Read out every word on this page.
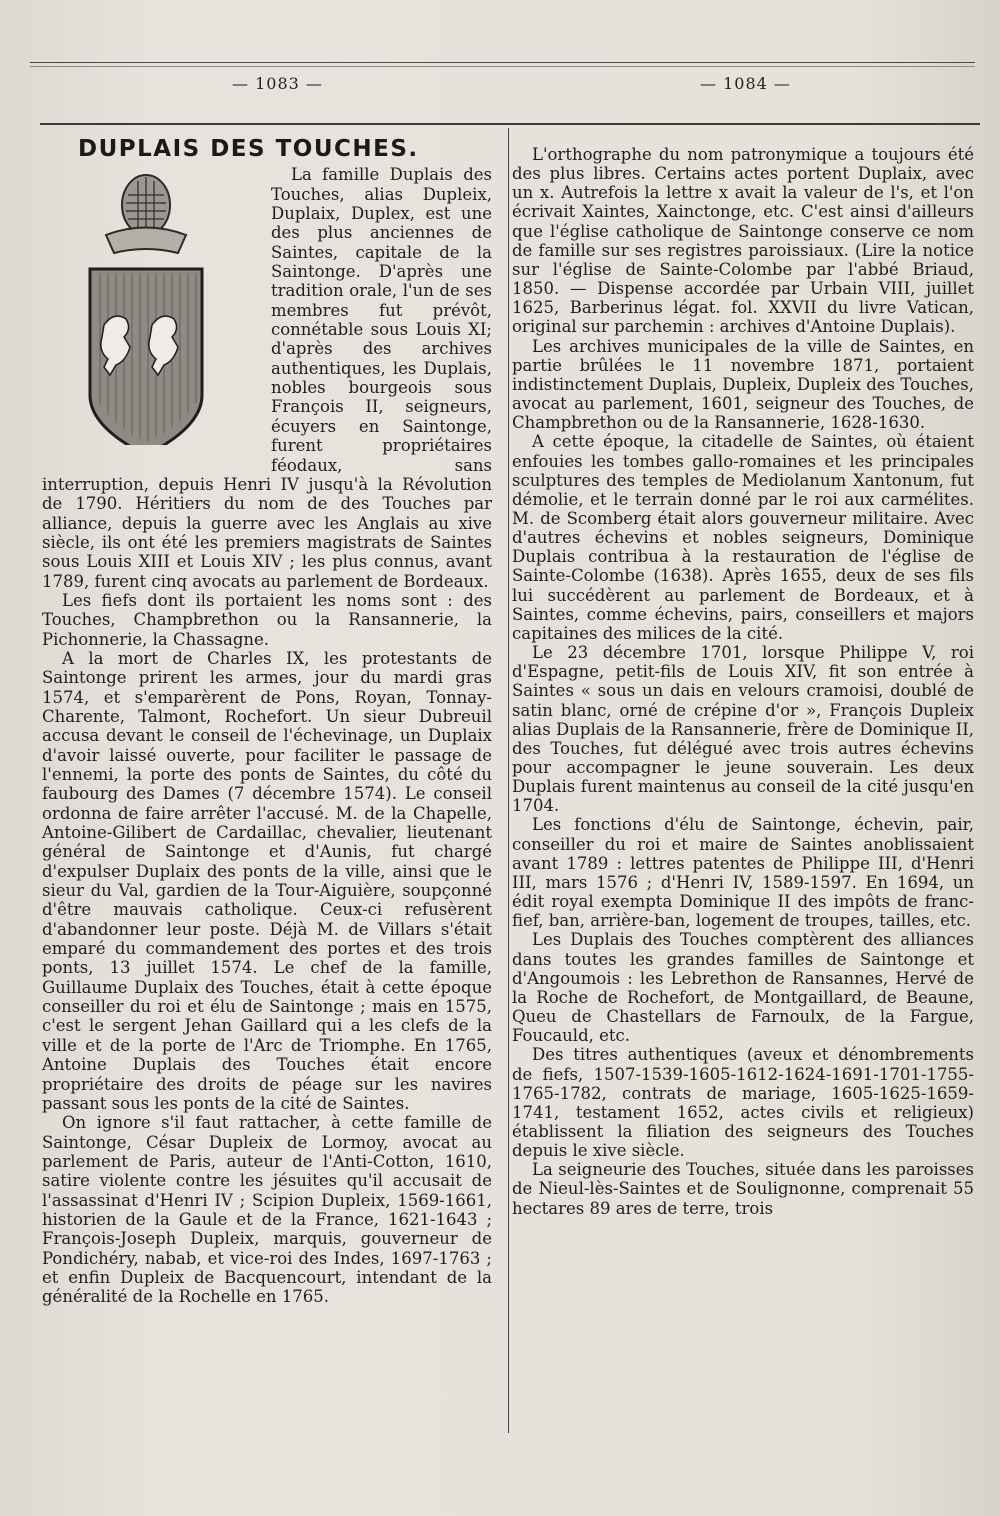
— 1083 —	— 1084 —
DUPLAIS DES TOUCHES.

La famille Duplais des Touches, alias Dupleix, Duplaix, Duplex, est une des plus anciennes de Saintes, capitale de la Saintonge. D'après une tradition orale, l'un de ses membres fut prévôt, connétable sous Louis XI; d'après des archives authentiques, les Duplais, nobles bourgeois sous François II, seigneurs, écuyers en Saintonge, furent propriétaires féodaux, sans interruption, depuis Henri IV jusqu'à la Révolution de 1790. Héritiers du nom de des Touches par alliance, depuis la guerre avec les Anglais au xive siècle, ils ont été les premiers magistrats de Saintes sous Louis XIII et Louis XIV ; les plus connus, avant 1789, furent cinq avocats au parlement de Bordeaux.

Les fiefs dont ils portaient les noms sont : des Touches, Champbrethon ou la Ransannerie, la Pichonnerie, la Chassagne.

A la mort de Charles IX, les protestants de Saintonge prirent les armes, jour du mardi gras 1574, et s'emparèrent de Pons, Royan, Tonnay-Charente, Talmont, Rochefort. Un sieur Dubreuil accusa devant le conseil de l'échevinage, un Duplaix d'avoir laissé ouverte, pour faciliter le passage de l'ennemi, la porte des ponts de Saintes, du côté du faubourg des Dames (7 décembre 1574). Le conseil ordonna de faire arrêter l'accusé. M. de la Chapelle, Antoine-Gilibert de Cardaillac, chevalier, lieutenant général de Saintonge et d'Aunis, fut chargé d'expulser Duplaix des ponts de la ville, ainsi que le sieur du Val, gardien de la Tour-Aiguière, soupçonné d'être mauvais catholique. Ceux-ci refusèrent d'abandonner leur poste. Déjà M. de Villars s'était emparé du commandement des portes et des trois ponts, 13 juillet 1574. Le chef de la famille, Guillaume Duplaix des Touches, était à cette époque conseiller du roi et élu de Saintonge ; mais en 1575, c'est le sergent Jehan Gaillard qui a les clefs de la ville et de la porte de l'Arc de Triomphe. En 1765, Antoine Duplais des Touches était encore propriétaire des droits de péage sur les navires passant sous les ponts de la cité de Saintes.

On ignore s'il faut rattacher, à cette famille de Saintonge, César Dupleix de Lormoy, avocat au parlement de Paris, auteur de l'Anti-Cotton, 1610, satire violente contre les jésuites qu'il accusait de l'assassinat d'Henri IV ; Scipion Dupleix, 1569-1661, historien de la Gaule et de la France, 1621-1643 ; François-Joseph Dupleix, marquis, gouverneur de Pondichéry, nabab, et vice-roi des Indes, 1697-1763 ; et enfin Dupleix de Bacquencourt, intendant de la généralité de la Rochelle en 1765.

L'orthographe du nom patronymique a toujours été des plus libres. Certains actes portent Duplaix, avec un x. Autrefois la lettre x avait la valeur de l's, et l'on écrivait Xaintes, Xainctonge, etc. C'est ainsi d'ailleurs que l'église catholique de Saintonge conserve ce nom de famille sur ses registres paroissiaux. (Lire la notice sur l'église de Sainte-Colombe par l'abbé Briaud, 1850. — Dispense accordée par Urbain VIII, juillet 1625, Barberinus légat. fol. XXVII du livre Vatican, original sur parchemin : archives d'Antoine Duplais).

Les archives municipales de la ville de Saintes, en partie brûlées le 11 novembre 1871, portaient indistinctement Duplais, Dupleix, Dupleix des Touches, avocat au parlement, 1601, seigneur des Touches, de Champbrethon ou de la Ransannerie, 1628-1630.

A cette époque, la citadelle de Saintes, où étaient enfouies les tombes gallo-romaines et les principales sculptures des temples de Mediolanum Xantonum, fut démolie, et le terrain donné par le roi aux carmélites. M. de Scomberg était alors gouverneur militaire. Avec d'autres échevins et nobles seigneurs, Dominique Duplais contribua à la restauration de l'église de Sainte-Colombe (1638). Après 1655, deux de ses fils lui succédèrent au parlement de Bordeaux, et à Saintes, comme échevins, pairs, conseillers et majors capitaines des milices de la cité.

Le 23 décembre 1701, lorsque Philippe V, roi d'Espagne, petit-fils de Louis XIV, fit son entrée à Saintes « sous un dais en velours cramoisi, doublé de satin blanc, orné de crépine d'or », François Dupleix alias Duplais de la Ransannerie, frère de Dominique II, des Touches, fut délégué avec trois autres échevins pour accompagner le jeune souverain. Les deux Duplais furent maintenus au conseil de la cité jusqu'en 1704.

Les fonctions d'élu de Saintonge, échevin, pair, conseiller du roi et maire de Saintes anoblissaient avant 1789 : lettres patentes de Philippe III, d'Henri III, mars 1576 ; d'Henri IV, 1589-1597. En 1694, un édit royal exempta Dominique II des impôts de franc-fief, ban, arrière-ban, logement de troupes, tailles, etc.

Les Duplais des Touches comptèrent des alliances dans toutes les grandes familles de Saintonge et d'Angoumois : les Lebrethon de Ransannes, Hervé de la Roche de Rochefort, de Montgaillard, de Beaune, Queu de Chastellars de Farnoulx, de la Fargue, Foucauld, etc.

Des titres authentiques (aveux et dénombrements de fiefs, 1507-1539-1605-1612-1624-1691-1701-1755-1765-1782, contrats de mariage, 1605-1625-1659-1741, testament 1652, actes civils et religieux) établissent la filiation des seigneurs des Touches depuis le xive siècle.

La seigneurie des Touches, située dans les paroisses de Nieul-lès-Saintes et de Soulignonne, comprenait 55 hectares 89 ares de terre, trois
